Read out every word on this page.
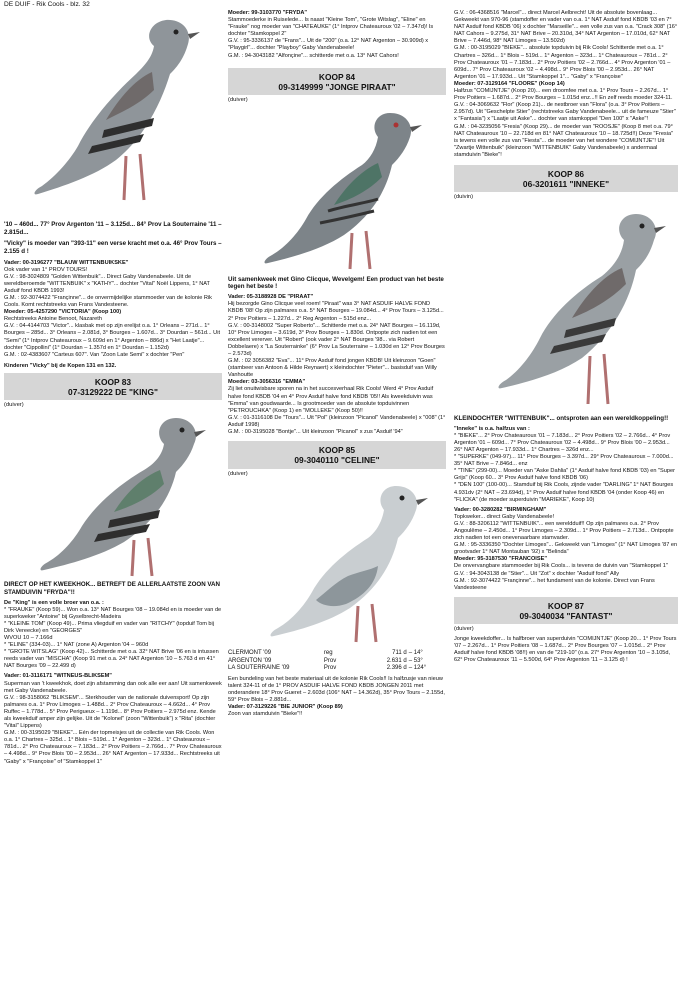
DE DUIF - Rik Cools - blz. 32

'10 – 460d... 77° Prov Argenton '11 – 3.125d... 84° Prov La Souterraine '11 – 2.815d...

"Vicky" is moeder van "393-11" een verse kracht met o.a. 46° Prov Tours – 2.155 d !

Vader: 00-3196277 "BLAUW WITTENBUIKSKE"

Ook vader van 1° PROV TOURS!

G.V. : 98-3024809 "Golden Wittenbuik"... Direct Gaby Vandenabeele. Uit de wereldberoemde "WITTENBUIK" x "KATHY"... dochter "Vital" Noël Lippens, 1° NAT Asduif fond KBDB 1993!

G.M. : 92-3074422 "Françinne"... de onvermijdelijke stammoeder van de kolonie Rik Cools. Komt rechtstreeks van Frans Vandesteene.

Moeder: 05-4257290 "VICTORIA" (Koop 100)

Rechtstreeks Antoine Benoot, Nazareth

G.V. : 04-4144703 "Victor"... klasbak met op zijn erelijst o.a. 1° Orleans – 271d... 1° Bourges – 285d... 3° Orleans – 2.081d, 3° Bourges – 1.607d... 3° Dourdan – 561d... Uit "Semi" (1° Intprov Chateauroux – 9.609d en 1° Argenton – 886d) x "Het Laatje"... dochter "Cippollini" (1° Dourdan – 1.357d en 1° Dourdan – 1.152d)

G.M. : 02-4383607 "Carteus 607". Van "Zoon Late Semi" x dochter "Pen"

Kinderen "Vicky" bij de Kopen 131 en 132.

KOOP 83
07-3129222 DE "KING"
(duiver)

DIRECT OP HET KWEEKHOK... BETREFT DE ALLERLAATSTE ZOON VAN STAMDUIVIN "FRYDA"!!

De "King" is een volle broer van o.a. :

* "FRAUKE" (Koop 59)... Won o.a. 13° NAT Bourges '08 – 19.084d en is moeder van de superkweker "Antoine" bij Gyselbrecht-Madeira

* "KLEINE TOM" (Koop 49)... Prima vliegduif en vader van "RITCHY" (topduif Tom bij Dirk Vereecke) en "GEORGES"

WVOU 10 – 7.166d

* "ELINE" (334-03)... 1° NAT (zone A) Argenton '04 – 960d

* "GROTE WITSLAG" (Koop 42)... Schitterde met o.a. 32° NAT Brive '06 en is intussen reeds vader van "MISCHA" (Koop 91 met o.a. 24° NAT Argenton '10 – 5.763 d en 41° NAT Bourges '09 – 22.499 d)

Vader: 01-3116171 "WITNEUS-BLIKSEM"

Superman van 't kweekhok, doet zijn afstamming dan ook alle eer aan! Uit samenkweek met Gaby Vandenabeele.

G.V. : 98-3158062 "BLIKSEM"... Sterkhouder van de nationale duivensport! Op zijn palmares o.a. 1° Prov Limoges – 1.488d... 2° Prov Chateauroux – 4.662d... 4° Prov Ruffec – 1.778d... 5° Prov Perigueux – 1.119d... 8° Prov Poitiers – 2.975d enz. Kende als kweekduif amper zijn gelijke. Uit de "Kolonel" (zoon "Wittenbuik") x "Rita" (dochter "Vital" Lippens)

G.M. : 00-3195029 "BIEKE"... Eén der topmeisjes uit de collectie van Rik Cools. Won o.a. 1° Chartres – 325d... 1° Blois – 519d... 1° Argenton – 323d... 1° Chateauroux – 781d... 2° Pro Chateauroux – 7.183d... 2° Prov Poitiers – 2.766d... 7° Prov Chateauroux – 4.498d... 9° Prov Blois '00 – 2.953d... 26° NAT Argenton – 17.933d... Rechtstreeks uit "Gaby" x "Françoise" of "Stamkoppel 1"

Moeder: 99-3103770 "FRYDA"

Stammoederke in Ruiselede... Is naast "Kleine Tom", "Grote Witslag", "Eline" en "Frauke" nog moeder van "CHATEAUKE" (1° Intprov Chateauroux '02 – 7.347d)! Is dochter "Stamkoppel 2"

G.V. : 95-3336137 de "Frans"... Uit de "200" (o.a. 12° NAT Argenton – 30.909d) x "Playgirl"... dochter "Playboy" Gaby Vandenabeele!

G.M. : 94-3043182 "Alfonçine"... schitterde met o.a. 13° NAT Cahors!

KOOP 84
09-3149999 "JONGE PIRAAT"
(duiver)

Uit samenkweek met Gino Clicque, Wevelgem! Een product van het beste tegen het beste !

Vader: 05-3188928 DE "PIRAAT"

Hij bezorgde Gino Clicque veel roem! "Piraat" was 3° NAT ASDUIF HALVE FOND KBDB '08! Op zijn palmares o.a. 5° NAT Bourges – 19.084d... 4° Prov Tours – 3.125d... 2° Prov Poitiers – 1.227d... 2° Reg Argenton – 515d enz...

G.V. : 00-3148002 "Super Roberto"... Schitterde met o.a. 24° NAT Bourges – 16.119d, 10° Prov Limoges – 3.619d, 3° Prov Bourges – 1.830d. Ontpopte zich nadien tot een excellent vererver. Uit "Robert" (ook vader 2° NAT Bourges '98... via Robert Dobbelaere) x "La Souterrainke" (6° Prov La Souterraine – 1.030d en 12° Prov Bourges – 2.573d)

G.M. : 02 3056382 "Eva"... 11° Prov Asduif fond jongen KBDB! Uit kleinzoon "Goen" (stambeer van Antoon & Hilde Reynaert) x kleindochter "Pieter"... basisduif van Willy Vanhoutte

Moeder: 03-3056316 "EMMA"

Zij liet onuitwisbare sporen na in het succesverhaal Rik Cools! Werd 4° Prov Asduif halve fond KBDB '04 en 4° Prov Asduif halve fond KBDB '05!! Als kweekduivin was "Emma" van goudwaarde... Is grootmoeder van de absolute topduivinnen "PETROUCHKA" (Koop 1) en "MOLLEKE" (Koop 50)!!

G.V. : 01-3116108 De "Tours"... Uit "Pol" (kleinzoon "Picanol" Vandenabeele) x "008" (1° Asduif 1998)

G.M. : 00-3195028 "Bontje"... Uit kleinzoon "Picanol" x zus "Asduif '94"

KOOP 85
09-3040110 "CELINE"
(duiver)
CLERMONT '09	reg	711 d	– 14°
ARGENTON '09	Prov	2.631 d	– 53°
LA SOUTERRAINE '09	Prov	2.396 d	– 124°

Een bundeling van het beste materiaal uit de kolonie Rik Cools!! Is halfzusje van nieuw talent 324-11 of de 1° PROV ASDUIF HALVE FOND KBDB JONGEN 2011 met onderandere 18° Prov Gueret – 2.603d (106° NAT – 14.362d), 35° Prov Tours – 2.155d, 59° Prov Blois – 2.881d...

Vader: 07-3129226 "BIE JUNIOR" (Koop 89)

Zoon van stamduivin "Bieke"!!

G.V. : 06-4368516 "Marcel"... direct Marcel Aelbrecht! Uit de absolute bovenlaag... Gekweekt van 970-96 (stamdoffer en vader van o.a. 1° NAT Asduif fond KBDB '03 en 7° NAT Asduif fond KBDB '06) x dochter "Marseille"... een volle zus van o.a. "Crack 308" (16° NAT Cahors – 9.275d, 31° NAT Brive – 20.310d, 34° NAT Argenton – 17.010d, 62° NAT Brive – 7.446d, 98° NAT Limoges – 13.502d)

G.M. : 00-3195029 "BIEKE"... absolute topduivin bij Rik Cools! Schitterde met o.a. 1° Chartres – 326d... 1° Blois – 519d... 1° Argenton – 323d... 1° Chateauroux – 781d... 2° Prov Chateauroux '01 – 7.183d... 2° Prov Poitiers '02 – 2.766d... 4° Prov Argenton '01 – 609d... 7° Prov Chateauroux '02 – 4.498d... 9° Prov Blois '00 – 2.953d... 26° NAT Argenton '01 – 17.933d... Uit "Stamkoppel 1"... "Gaby" x "Françoise"

Moeder: 07-3129164 "FLOORE" (Koop 14)

Halfzus "COMIJNTJE" (Koop 20)... een droomfee met o.a. 1° Prov Tours – 2.267d... 1° Prov Poitiers – 1.687d... 2° Prov Bourges – 1.015d enz...!! En zelf reeds moeder 324-11.

G.V. : 04-3069632 "Flor" (Koop 21)... de nestbroer van "Flora" (o.a. 3° Prov Poitiers – 2.957d). Uit "Geschelpte Stier" (rechtstreeks Gaby Vandenabeele... uit de fameuze "Stier" x "Fantasia") x "Laatje uit Aske"... dochter van stamkoppel "Den 100" x "Aske"!

G.M. : 04-3235056 "Fresia" (Koop 29)... de moeder van "ROOSJE" (Koop 8 met o.a. 79° NAT Chateauroux '10 – 22.718d en 81° NAT Chateauroux '10 – 18.725d!!) Deze "Fresia" is tevens een volle zus van "Fiesta"... de moeder van het wondere "COMIJNTJE"! Uit "Zwartje Wittenbuik" (kleinzoon "WITTENBUIK" Gaby Vandenabeele) x andermaal stamduivin "Bieke"!

KOOP 86
06-3201611 "INNEKE"
(duivin)

KLEINDOCHTER "WITTENBUIK"... ontsproten aan een wereldkoppeling!!

"Inneke" is o.a. halfzus van :

* "BIEKE"... 2° Prov Chateauroux '01 – 7.183d... 2° Prov Poitiers '02 – 2.766d... 4° Prov Argenton '01 – 609d... 7° Prov Chateauroux '02 – 4.498d... 9° Prov Blois '00 – 2.953d... 26° NAT Argenton – 17.933d... 1° Chartres – 326d enz...

* "SUPERKE" (049-97)... 11° Prov Bourges – 3.397d... 29° Prov Chateauroux – 7.000d... 35° NAT Brive – 7.846d... enz

* "TINE" (299-00)... Moeder van "Aske Dahlia" (1° Asduif halve fond KBDB '03) en "Super Grijs" (Koop 60... 3° Prov Asduif halve fond KBDB '06)

* "DEN 100" (100-00)... Stamduif bij Rik Cools, zijnde vader "DARLING" 1° NAT Bourges 4.931dv (2° NAT – 23.694d), 1° Prov Asduif halve fond KBDB '04 (onder Koop 46) en "FLICKA" (de moeder superduivin "MARIEKE", Koop 10)

Vader: 00-3280282 "BIRMINGHAM"

Topkweker... direct Gaby Vandenabeele!

G.V. : 88-3206112 "WITTENBUIK"... een wereldduif!! Op zijn palmares o.a. 2° Prov Angoulême – 2.450d... 1° Prov Limoges – 2.309d... 1° Prov Poitiers – 2.713d... Ontpopte zich nadien tot een onevenaarbare stamvader.

G.M. : 95-3336350 "Dochter Limoges"... Gekweekt van "Limoges" (1° NAT Limoges '87 en grootvader 1° NAT Montauban '92) x "Belinda"

Moeder: 95-3187530 "FRANCOISE"

De onvervangbare stammoeder bij Rik Cools... is tevens de duivin van "Stamkoppel 1"

G.V. : 94-3043138 de "Stier"... Uit "Zot" x dochter "Asduif fond" Ally

G.M. : 92-3074422 "Françinne"... het fundament van de kolonie. Direct van Frans Vandesteene

KOOP 87
09-3040034 "FANTAST"
(duiver)

Jonge kweekdoffer... Is halfbroer van superduivin "COMIJNTJE" (Koop 20... 1° Prov Tours '07 – 2.267d... 1° Prov Poitiers '08 – 1.687d... 2° Prov Bourges '07 – 1.015d... 2° Prov Asduif halve fond KBDB '08!!) en van de "219-10" (o.a. 27° Prov Argenton '10 – 3.105d, 62° Prov Chateauroux '11 – 5.500d, 64° Prov Argenton '11 – 3.125 d) !
